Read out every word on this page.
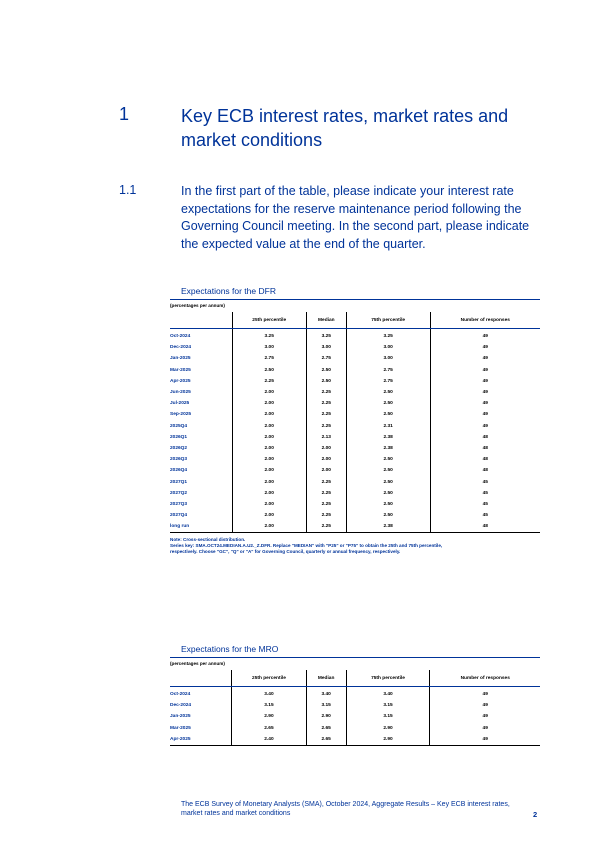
1	Key ECB interest rates, market rates and market conditions
1.1	In the first part of the table, please indicate your interest rate expectations for the reserve maintenance period following the Governing Council meeting. In the second part, please indicate the expected value at the end of the quarter.
Expectations for the DFR
(percentages per annum)
	25th percentile	Median	75th percentile	Number of responses
Oct-2024	3.25	3.25	3.25	49
Dec-2024	3.00	3.00	3.00	49
Jan-2025	2.75	2.75	3.00	49
Mar-2025	2.50	2.50	2.75	49
Apr-2025	2.25	2.50	2.75	49
Jun-2025	2.00	2.25	2.50	49
Jul-2025	2.00	2.25	2.50	49
Sep-2025	2.00	2.25	2.50	49
2025Q4	2.00	2.25	2.31	49
2026Q1	2.00	2.13	2.38	48
2026Q2	2.00	2.00	2.38	48
2026Q3	2.00	2.00	2.50	48
2026Q4	2.00	2.00	2.50	48
2027Q1	2.00	2.25	2.50	45
2027Q2	2.00	2.25	2.50	45
2027Q3	2.00	2.25	2.50	45
2027Q4	2.00	2.25	2.50	45
long run	2.00	2.25	2.38	48
Note: Cross-sectional distribution.
Series key: SMA.OCT24.MEDIAN.A.U2._Z.DFR. Replace "MEDIAN" with "P25" or "P75" to obtain the 25th and 75th percentile,
respectively. Choose "GC", "Q" or "A" for Governing Council, quarterly or annual frequency, respectively.
Expectations for the MRO
(percentages per annum)
	25th percentile	Median	75th percentile	Number of responses
Oct-2024	3.40	3.40	3.40	49
Dec-2024	3.15	3.15	3.15	49
Jan-2025	2.90	2.90	3.15	49
Mar-2025	2.65	2.65	2.90	49
Apr-2025	2.40	2.65	2.90	49
The ECB Survey of Monetary Analysts (SMA), October 2024, Aggregate Results – Key ECB interest rates, market rates and market conditions	2
